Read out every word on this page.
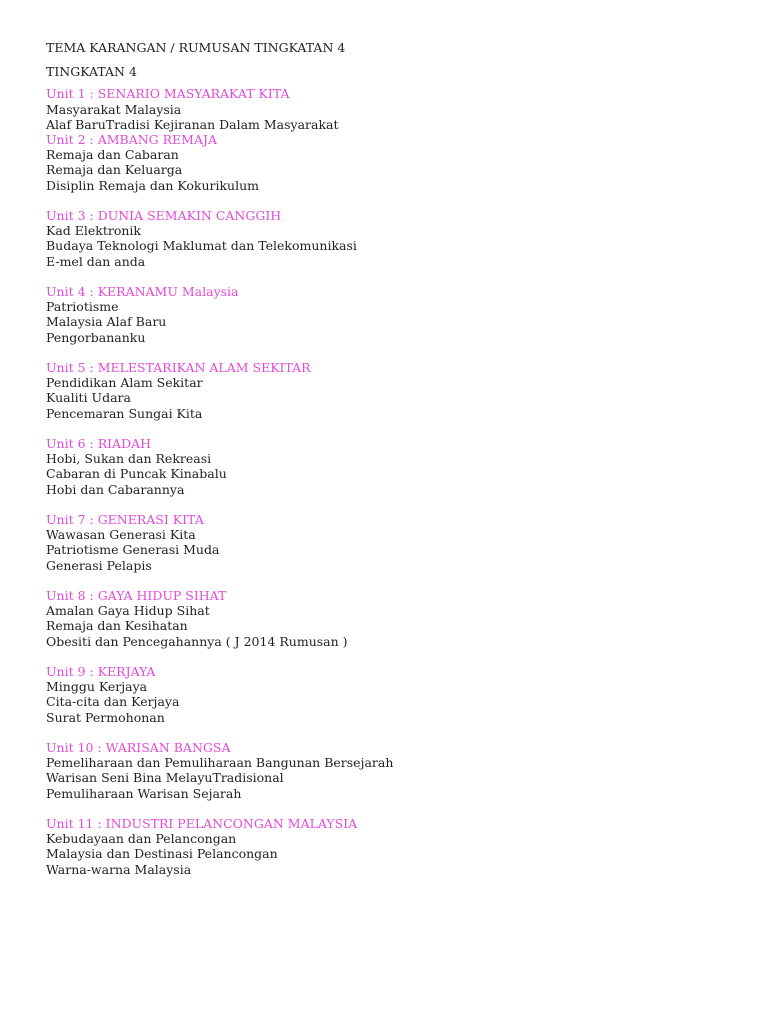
TEMA KARANGAN / RUMUSAN TINGKATAN 4

TINGKATAN 4

Unit 1 : SENARIO MASYARAKAT KITA
Masyarakat Malaysia
Alaf BaruTradisi Kejiranan Dalam Masyarakat
Unit 2 : AMBANG REMAJA
Remaja dan Cabaran
Remaja dan Keluarga
Disiplin Remaja dan Kokurikulum
Unit 3 : DUNIA SEMAKIN CANGGIH
Kad Elektronik
Budaya Teknologi Maklumat dan Telekomunikasi
E-mel dan anda
Unit 4 : KERANAMU Malaysia
Patriotisme
Malaysia Alaf Baru
Pengorbananku
Unit 5 : MELESTARIKAN ALAM SEKITAR
Pendidikan Alam Sekitar
Kualiti Udara
Pencemaran Sungai Kita
Unit 6 : RIADAH
Hobi, Sukan dan Rekreasi
Cabaran di Puncak Kinabalu
Hobi dan Cabarannya
Unit 7 : GENERASI KITA
Wawasan Generasi Kita
Patriotisme Generasi Muda
Generasi Pelapis
Unit 8 : GAYA HIDUP SIHAT
Amalan Gaya Hidup Sihat
Remaja dan Kesihatan
Obesiti dan Pencegahannya ( J 2014 Rumusan )
Unit 9 : KERJAYA
Minggu Kerjaya
Cita-cita dan Kerjaya
Surat Permohonan
Unit 10 : WARISAN BANGSA
Pemeliharaan dan Pemuliharaan Bangunan Bersejarah
Warisan Seni Bina MelayuTradisional
Pemuliharaan Warisan Sejarah
Unit 11 : INDUSTRI PELANCONGAN MALAYSIA
Kebudayaan dan Pelancongan
Malaysia dan Destinasi Pelancongan
Warna-warna Malaysia
